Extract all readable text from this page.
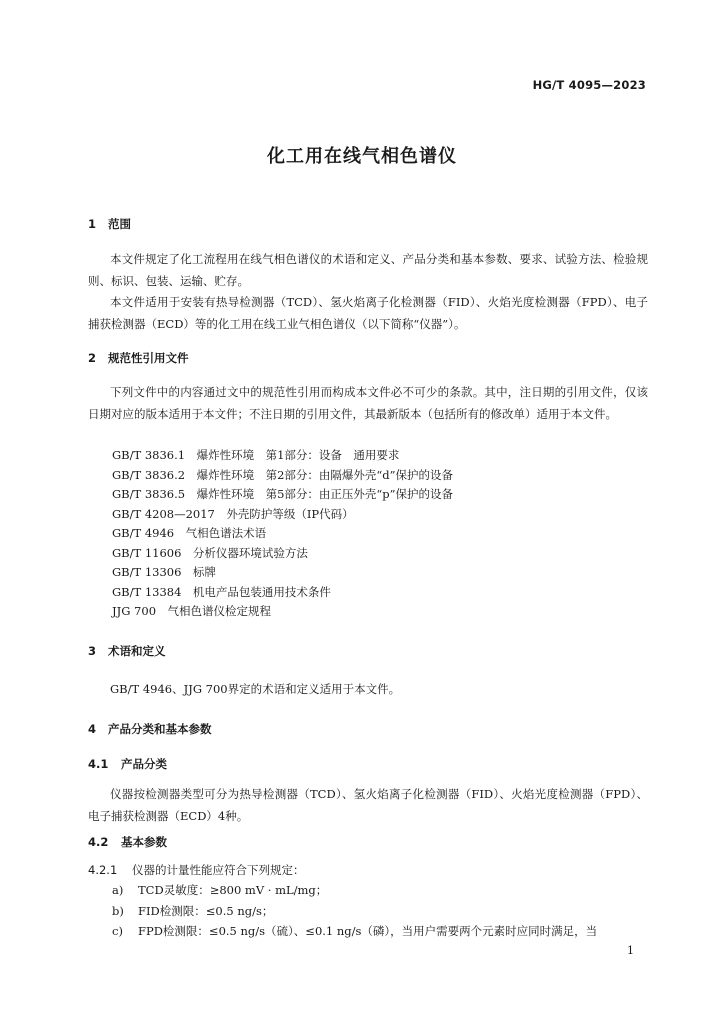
HG/T 4095—2023
化工用在线气相色谱仪
1 范围
本文件规定了化工流程用在线气相色谱仪的术语和定义、产品分类和基本参数、要求、试验方法、检验规则、标识、包装、运输、贮存。
本文件适用于安装有热导检测器（TCD）、氢火焰离子化检测器（FID）、火焰光度检测器（FPD）、电子捕获检测器（ECD）等的化工用在线工业气相色谱仪（以下简称“仪器”）。
2 规范性引用文件
下列文件中的内容通过文中的规范性引用而构成本文件必不可少的条款。其中，注日期的引用文件，仅该日期对应的版本适用于本文件；不注日期的引用文件，其最新版本（包括所有的修改单）适用于本文件。
GB/T 3836.1　爆炸性环境　第1部分：设备　通用要求
GB/T 3836.2　爆炸性环境　第2部分：由隔爆外壳“d”保护的设备
GB/T 3836.5　爆炸性环境　第5部分：由正压外壳“p”保护的设备
GB/T 4208—2017　外壳防护等级（IP代码）
GB/T 4946　气相色谱法术语
GB/T 11606　分析仪器环境试验方法
GB/T 13306　标牌
GB/T 13384　机电产品包装通用技术条件
JJG 700　气相色谱仪检定规程
3 术语和定义
GB/T 4946、JJG 700界定的术语和定义适用于本文件。
4 产品分类和基本参数
4.1 产品分类
仪器按检测器类型可分为热导检测器（TCD）、氢火焰离子化检测器（FID）、火焰光度检测器（FPD）、电子捕获检测器（ECD）4种。
4.2 基本参数
4.2.1 仪器的计量性能应符合下列规定：
a) TCD灵敏度：≥800 mV · mL/mg；
b) FID检测限：≤0.5 ng/s；
c) FPD检测限：≤0.5 ng/s（硫）、≤0.1 ng/s（磷），当用户需要两个元素时应同时满足，当
1
